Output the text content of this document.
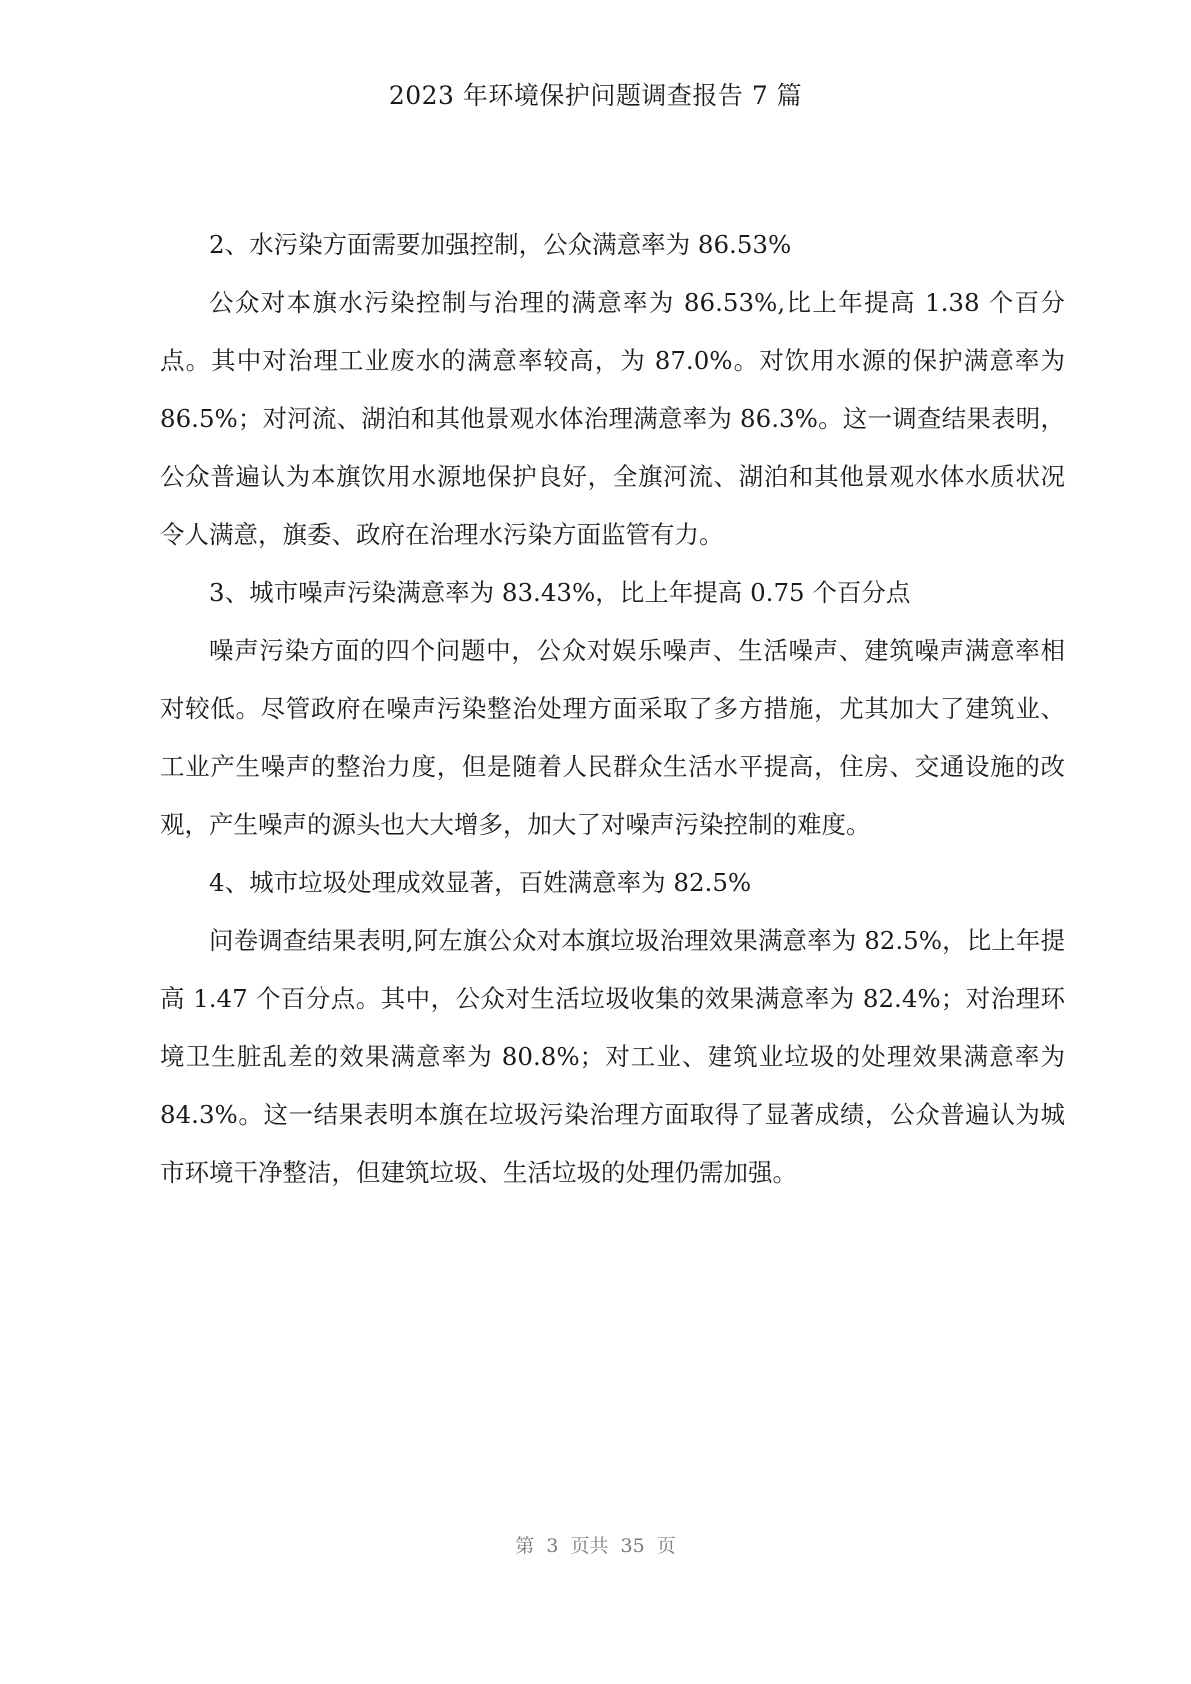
2023 年环境保护问题调查报告 7 篇

2、水污染方面需要加强控制，公众满意率为 86.53%

公众对本旗水污染控制与治理的满意率为 86.53%,比上年提高 1.38 个百分点。其中对治理工业废水的满意率较高，为 87.0%。对饮用水源的保护满意率为 86.5%；对河流、湖泊和其他景观水体治理满意率为 86.3%。这一调查结果表明，公众普遍认为本旗饮用水源地保护良好，全旗河流、湖泊和其他景观水体水质状况令人满意，旗委、政府在治理水污染方面监管有力。

3、城市噪声污染满意率为 83.43%，比上年提高 0.75 个百分点

噪声污染方面的四个问题中，公众对娱乐噪声、生活噪声、建筑噪声满意率相对较低。尽管政府在噪声污染整治处理方面采取了多方措施，尤其加大了建筑业、工业产生噪声的整治力度，但是随着人民群众生活水平提高，住房、交通设施的改观，产生噪声的源头也大大增多，加大了对噪声污染控制的难度。

4、城市垃圾处理成效显著，百姓满意率为 82.5%

问卷调查结果表明,阿左旗公众对本旗垃圾治理效果满意率为 82.5%，比上年提高 1.47 个百分点。其中，公众对生活垃圾收集的效果满意率为 82.4%；对治理环境卫生脏乱差的效果满意率为 80.8%；对工业、建筑业垃圾的处理效果满意率为 84.3%。这一结果表明本旗在垃圾污染治理方面取得了显著成绩，公众普遍认为城市环境干净整洁，但建筑垃圾、生活垃圾的处理仍需加强。

第 3 页共 35 页
